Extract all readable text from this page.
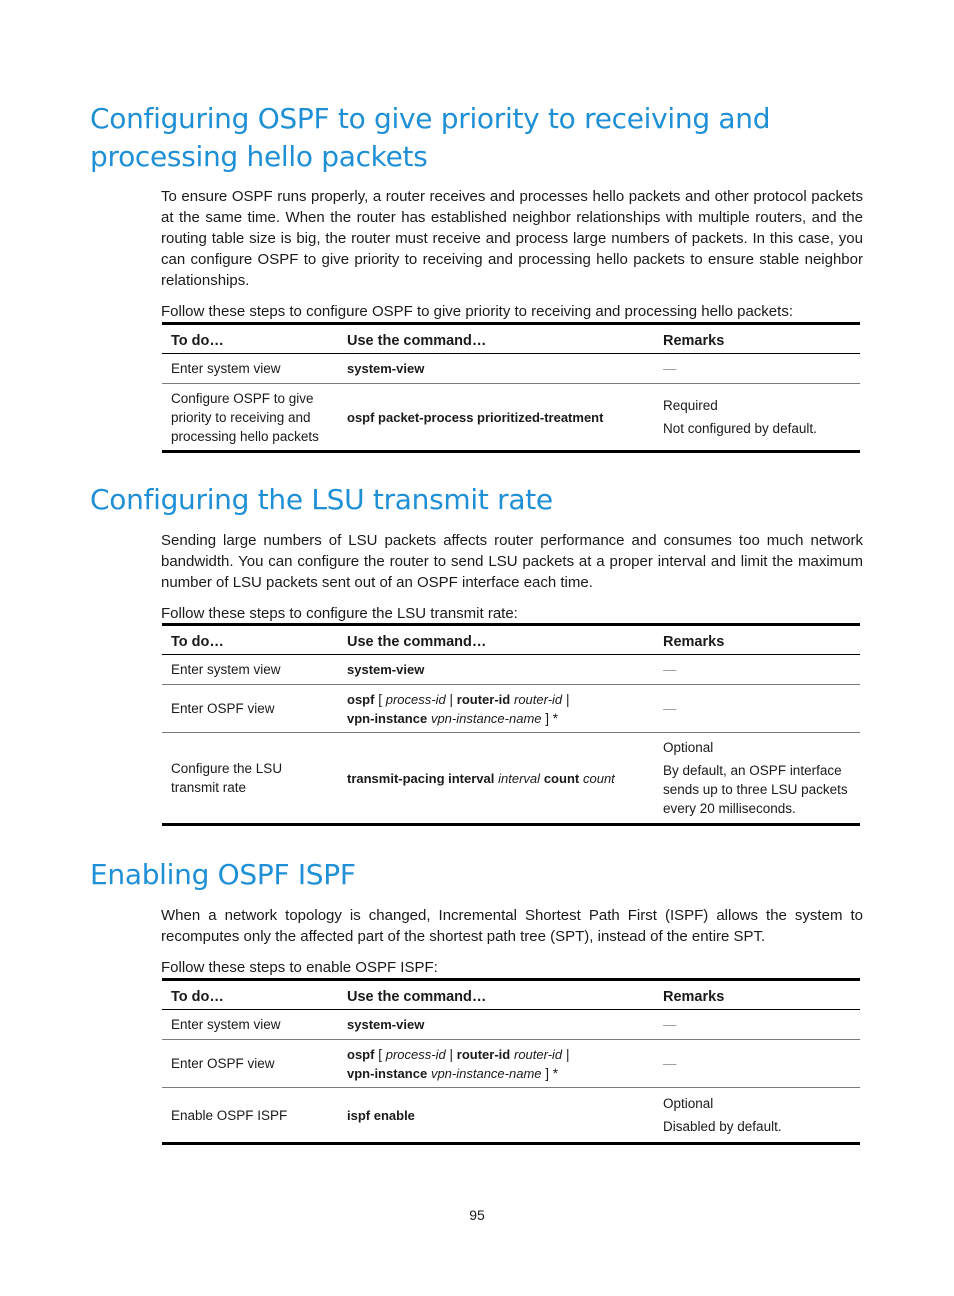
Configuring OSPF to give priority to receiving and processing hello packets

To ensure OSPF runs properly, a router receives and processes hello packets and other protocol packets at the same time. When the router has established neighbor relationships with multiple routers, and the routing table size is big, the router must receive and process large numbers of packets. In this case, you can configure OSPF to give priority to receiving and processing hello packets to ensure stable neighbor relationships.

Follow these steps to configure OSPF to give priority to receiving and processing hello packets:

To do…	Use the command…	Remarks
Enter system view	system-view	—
Configure OSPF to give priority to receiving and processing hello packets	ospf packet-process prioritized-treatment	Required
Not configured by default.
Configuring the LSU transmit rate

Sending large numbers of LSU packets affects router performance and consumes too much network bandwidth. You can configure the router to send LSU packets at a proper interval and limit the maximum number of LSU packets sent out of an OSPF interface each time.

Follow these steps to configure the LSU transmit rate:

To do…	Use the command…	Remarks
Enter system view	system-view	—
Enter OSPF view	ospf [ process-id | router-id router-id |
vpn-instance vpn-instance-name ] *	—
Configure the LSU transmit rate	transmit-pacing interval interval count count	Optional
By default, an OSPF interface sends up to three LSU packets every 20 milliseconds.
Enabling OSPF ISPF

When a network topology is changed, Incremental Shortest Path First (ISPF) allows the system to recomputes only the affected part of the shortest path tree (SPT), instead of the entire SPT.

Follow these steps to enable OSPF ISPF:

To do…	Use the command…	Remarks
Enter system view	system-view	—
Enter OSPF view	ospf [ process-id | router-id router-id |
vpn-instance vpn-instance-name ] *	—
Enable OSPF ISPF	ispf enable	Optional
Disabled by default.
95
